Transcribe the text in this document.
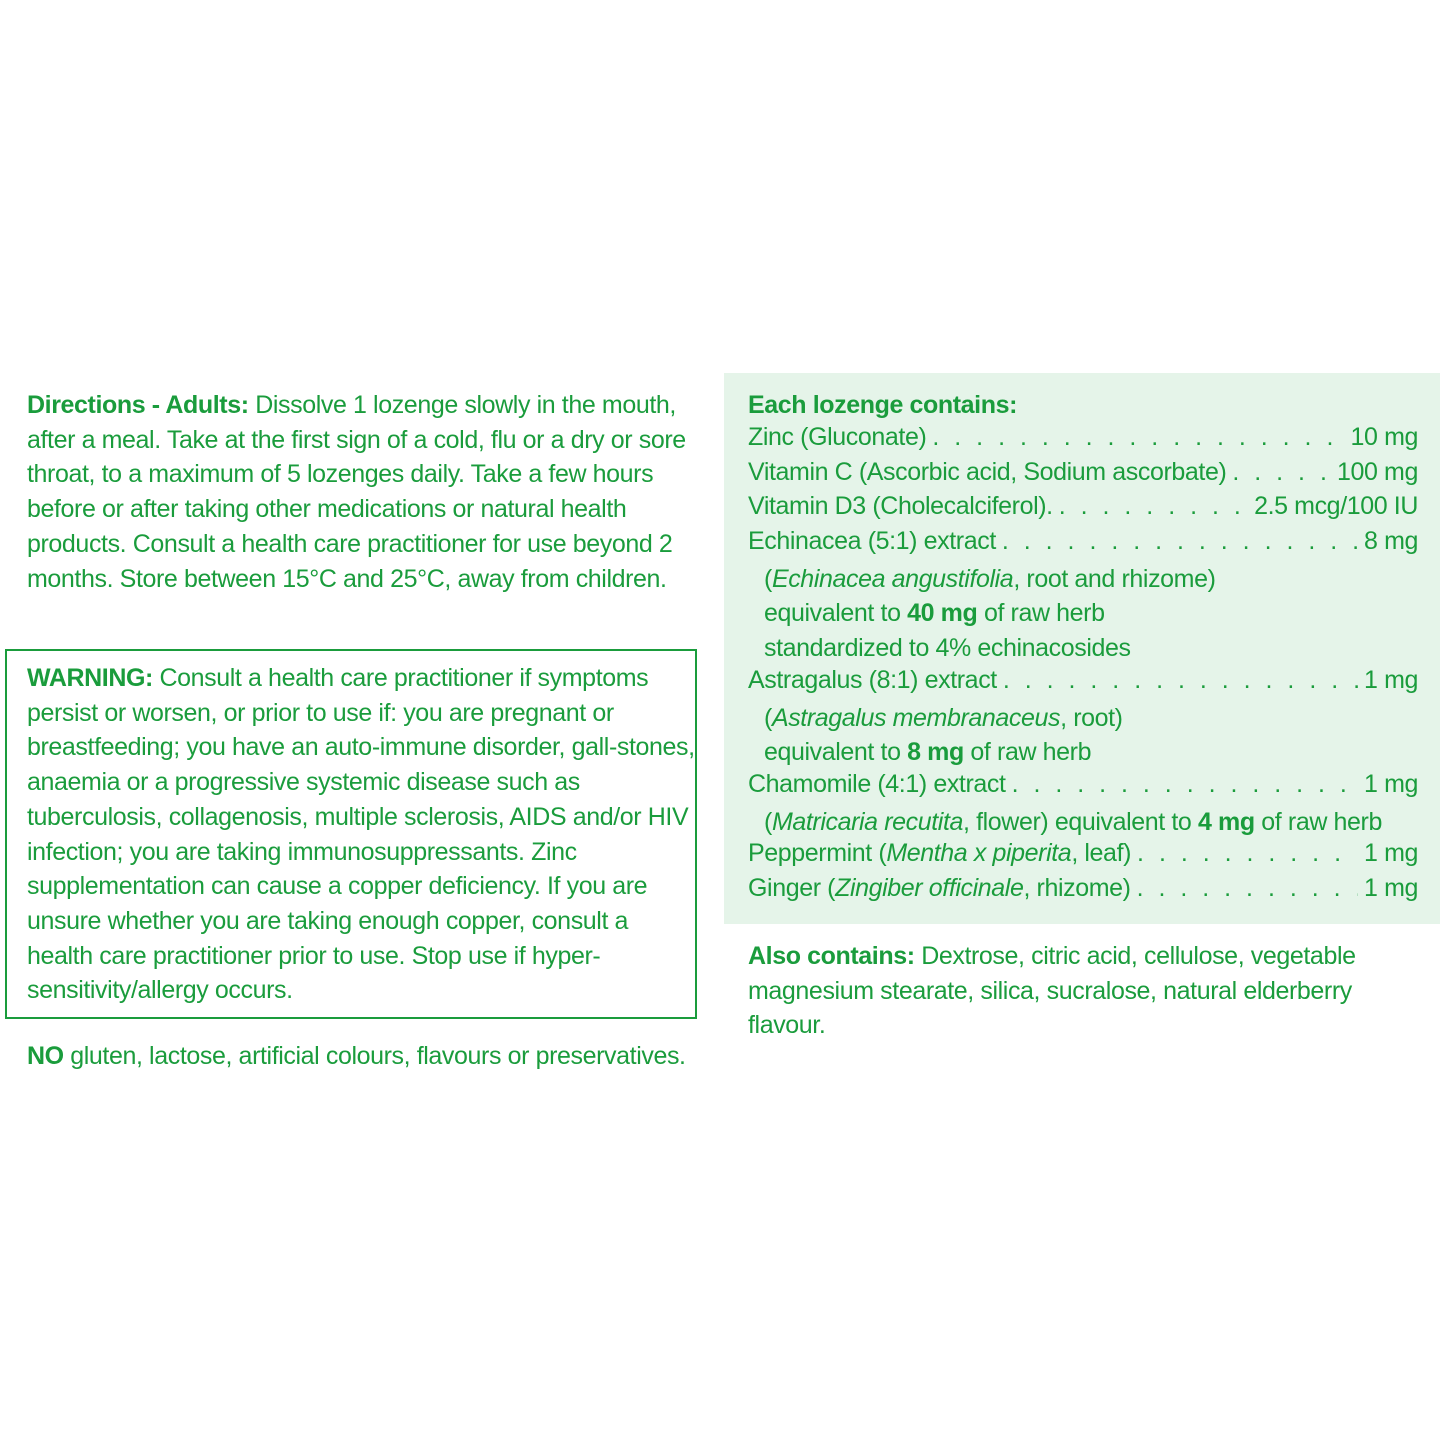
Directions - Adults: Dissolve 1 lozenge slowly in the mouth, after a meal. Take at the first sign of a cold, flu or a dry or sore throat, to a maximum of 5 lozenges daily. Take a few hours before or after taking other medications or natural health products. Consult a health care practitioner for use beyond 2 months. Store between 15°C and 25°C, away from children.

WARNING: Consult a health care practitioner if symptoms persist or worsen, or prior to use if: you are pregnant or breastfeeding; you have an auto-immune disorder, gall-stones, anaemia or a progressive systemic disease such as tuberculosis, collagenosis, multiple sclerosis, AIDS and/or HIV infection; you are taking immunosuppressants. Zinc supplementation can cause a copper deficiency. If you are unsure whether you are taking enough copper, consult a health care practitioner prior to use. Stop use if hyper-sensitivity/allergy occurs.

NO gluten, lactose, artificial colours, flavours or preservatives.

Each lozenge contains:

Zinc (Gluconate) . . .	10 mg
Vitamin C (Ascorbic acid, Sodium ascorbate) . . .	100 mg
Vitamin D3 (Cholecalciferol). . . .	2.5 mcg/100 IU
Echinacea (5:1) extract . . .	8 mg
(Echinacea angustifolia, root and rhizome)
equivalent to 40 mg of raw herb
standardized to 4% echinacosides
Astragalus (8:1) extract . . .	1 mg
(Astragalus membranaceus, root)
equivalent to 8 mg of raw herb
Chamomile (4:1) extract . . .	1 mg
(Matricaria recutita, flower) equivalent to 4 mg of raw herb
Peppermint (Mentha x piperita, leaf) . . .	1 mg
Ginger (Zingiber officinale, rhizome) . . .	1 mg

Also contains: Dextrose, citric acid, cellulose, vegetable magnesium stearate, silica, sucralose, natural elderberry flavour.
